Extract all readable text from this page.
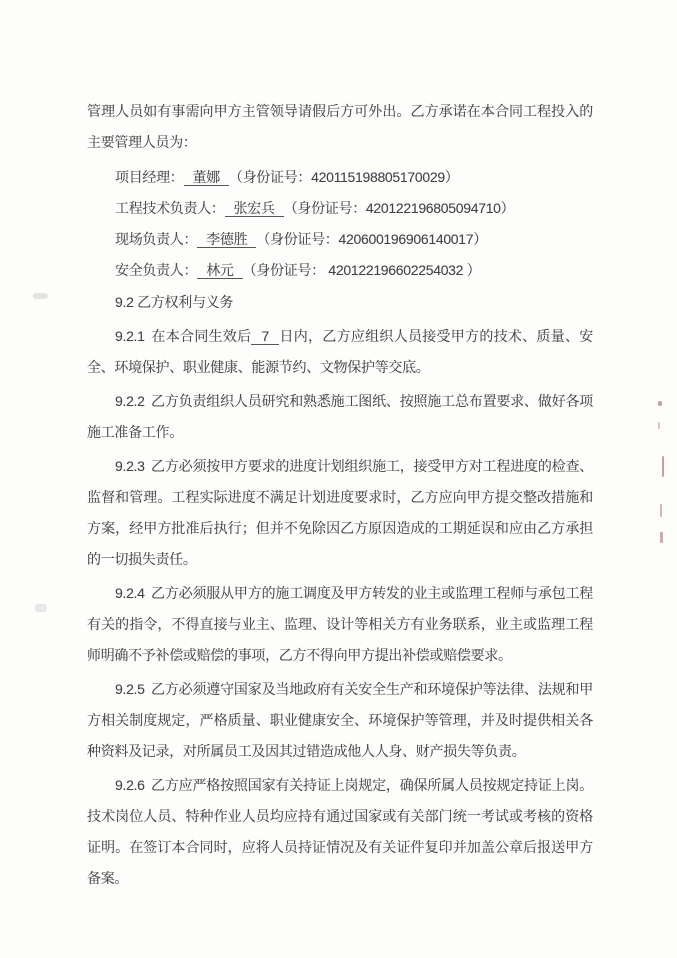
管理人员如有事需向甲方主管领导请假后方可外出。乙方承诺在本合同工程投入的主要管理人员为：

项目经理： 董娜 （身份证号：420115198805170029）

工程技术负责人： 张宏兵 （身份证号：420122196805094710）

现场负责人： 李德胜 （身份证号：420600196906140017）

安全负责人： 林元 （身份证号： 420122196602254032 ）

9.2 乙方权利与义务

9.2.1 在本合同生效后 7 日内，乙方应组织人员接受甲方的技术、质量、安全、环境保护、职业健康、能源节约、文物保护等交底。

9.2.2 乙方负责组织人员研究和熟悉施工图纸、按照施工总布置要求、做好各项施工准备工作。

9.2.3 乙方必须按甲方要求的进度计划组织施工，接受甲方对工程进度的检查、监督和管理。工程实际进度不满足计划进度要求时，乙方应向甲方提交整改措施和方案，经甲方批准后执行；但并不免除因乙方原因造成的工期延误和应由乙方承担的一切损失责任。

9.2.4 乙方必须服从甲方的施工调度及甲方转发的业主或监理工程师与承包工程有关的指令，不得直接与业主、监理、设计等相关方有业务联系，业主或监理工程师明确不予补偿或赔偿的事项，乙方不得向甲方提出补偿或赔偿要求。

9.2.5 乙方必须遵守国家及当地政府有关安全生产和环境保护等法律、法规和甲方相关制度规定，严格质量、职业健康安全、环境保护等管理，并及时提供相关各种资料及记录，对所属员工及因其过错造成他人人身、财产损失等负责。

9.2.6 乙方应严格按照国家有关持证上岗规定，确保所属人员按规定持证上岗。技术岗位人员、特种作业人员均应持有通过国家或有关部门统一考试或考核的资格证明。在签订本合同时，应将人员持证情况及有关证件复印并加盖公章后报送甲方备案。
